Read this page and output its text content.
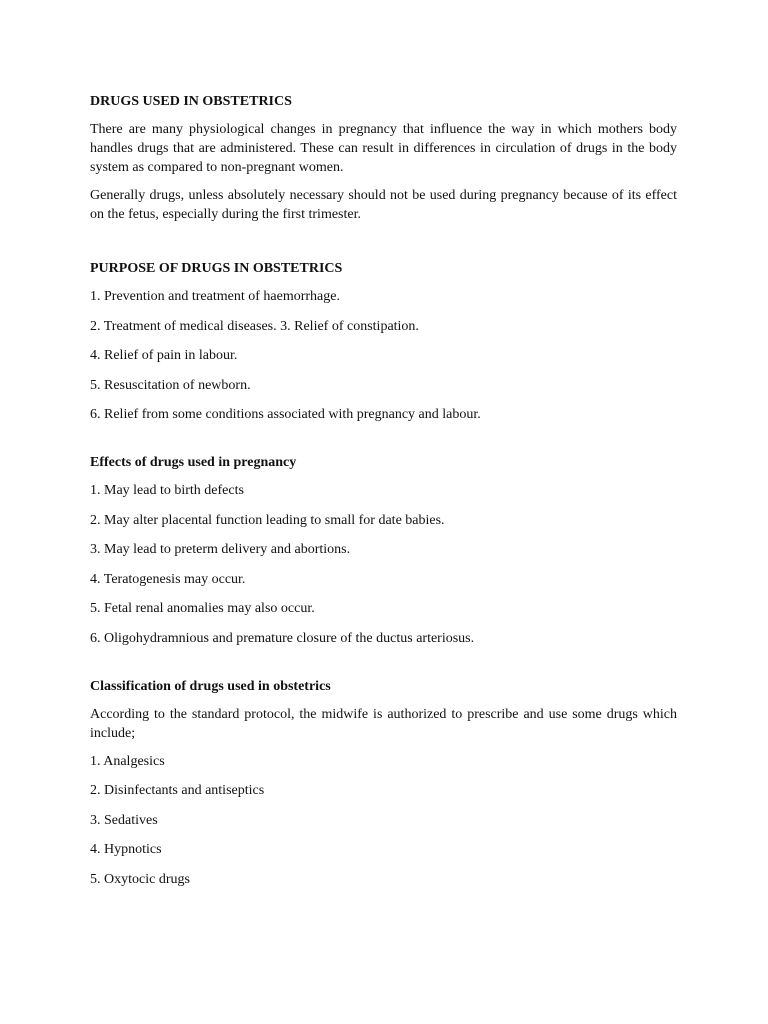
DRUGS USED IN OBSTETRICS

There are many physiological changes in pregnancy that influence the way in which mothers body handles drugs that are administered. These can result in differences in circulation of drugs in the body system as compared to non-pregnant women.

Generally drugs, unless absolutely necessary should not be used during pregnancy because of its effect on the fetus, especially during the first trimester.

PURPOSE OF DRUGS IN OBSTETRICS
1. Prevention and treatment of haemorrhage.
2. Treatment of medical diseases. 3. Relief of constipation.
4. Relief of pain in labour.
5. Resuscitation of newborn.
6. Relief from some conditions associated with pregnancy and labour.
Effects of drugs used in pregnancy
1. May lead to birth defects
2. May alter placental function leading to small for date babies.
3. May lead to preterm delivery and abortions.
4. Teratogenesis may occur.
5. Fetal renal anomalies may also occur.
6. Oligohydramnious and premature closure of the ductus arteriosus.
Classification of drugs used in obstetrics

According to the standard protocol, the midwife is authorized to prescribe and use some drugs which include;

1. Analgesics
2. Disinfectants and antiseptics
3. Sedatives
4. Hypnotics
5. Oxytocic drugs
